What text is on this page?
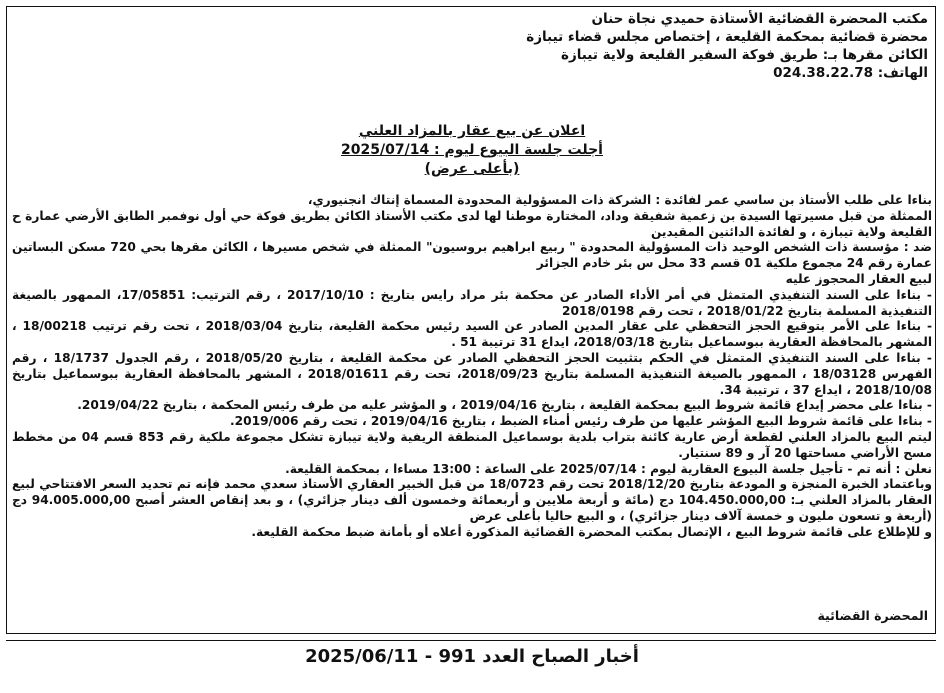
مكتب المحضرة القضائية الأستاذة حميدي نجاة حنان
محضرة قضائية بمحكمة القليعة ، إختصاص مجلس قضاء تيبازة
الكائن مقرها بـ: طريق فوكة السفير القليعة ولاية تيبازة
الهاتف: 024.38.22.78
اعلان عن بيع عقار بالمزاد العلني
أجلت جلسة البيوع ليوم : 2025/07/14
(بأعلى عرض)

بناءا على طلب الأستاذ بن ساسي عمر لفائدة : الشركة ذات المسؤولية المحدودة المسماة إنتاك انجنيوري،

الممثلة من قبل مسيرتها السيدة بن زعمية شفيقة وداد، المختارة موطنا لها لدى مكتب الأستاذ الكائن بطريق فوكة حي أول نوفمبر الطابق الأرضي عمارة ح القليعة ولاية تيبازة ، و لفائدة الدائنين المقيدين

ضد : مؤسسة ذات الشخص الوحيد ذات المسؤولية المحدودة " ربيع ابراهيم بروسيون" الممثلة في شخص مسيرها ، الكائن مقرها بحي 720 مسكن البساتين عمارة رقم 24 مجموع ملكية 01 قسم 33 محل س بئر خادم الجزائر

لبيع العقار المحجوز عليه

- بناءا على السند التنفيذي المتمثل في أمر الأداء الصادر عن محكمة بئر مراد رايس بتاريخ : 2017/10/10 ، رقم الترتيب: 17/05851، الممهور بالصيغة التنفيذية المسلمة بتاريخ 2018/01/22 ، تحت رقم 2018/0198

- بناءا على الأمر بتوقيع الحجز التحفظي على عقار المدين الصادر عن السيد رئيس محكمة القليعة، بتاريخ 2018/03/04 ، تحت رقم ترتيب 18/00218 ، المشهر بالمحافظة العقارية ببوسماعيل بتاريخ 2018/03/18، ايداع 31 ترتيبة 51 .

- بناءا على السند التنفيذي المتمثل في الحكم بتثبيت الحجز التحفظي الصادر عن محكمة القليعة ، بتاريخ 2018/05/20 ، رقم الجدول 18/1737 ، رقم الفهرس 18/03128 ، الممهور بالصيغة التنفيذية المسلمة بتاريخ 2018/09/23، تحت رقم 2018/01611 ، المشهر بالمحافظة العقارية ببوسماعيل بتاريخ 2018/10/08 ، ايداع 37 ، ترتيبة 34.

- بناءا على محضر إيداع قائمة شروط البيع بمحكمة القليعة ، بتاريخ 2019/04/16 ، و المؤشر عليه من طرف رئيس المحكمة ، بتاريخ 2019/04/22.

- بناءا على قائمة شروط البيع المؤشر عليها من طرف رئيس أمناء الضبط ، بتاريخ 2019/04/16 ، تحت رقم 2019/006.

ليتم البيع بالمزاد العلني لقطعة أرض عارية كائنة بتراب بلدية بوسماعيل المنطقة الريفية ولاية تيبازة تشكل مجموعة ملكية رقم 853 قسم 04 من مخطط مسح الأراضي مساحتها 20 آر و 89 سنتيار.

نعلن : أنه تم - تأجيل جلسة البيوع العقارية ليوم : 2025/07/14 على الساعة : 13:00 مساءا ، بمحكمة القليعة.

وباعتماد الخبرة المنجزة و المودعة بتاريخ 2018/12/20 تحت رقم 18/0723 من قبل الخبير العقاري الأستاذ سعدي محمد فإنه تم تحديد السعر الافتتاحي لبيع العقار بالمزاد العلني بـ: 104.450.000,00 دج (مائة و أربعة ملايين و أربعمائة وخمسون ألف دينار جزائري) ، و بعد إنقاص العشر أصبح 94.005.000,00 دج (أربعة و تسعون مليون و خمسة آلاف دينار جزائري) ، و البيع حاليا بأعلى عرض

و للإطلاع على قائمة شروط البيع ، الإتصال بمكتب المحضرة القضائية المذكورة أعلاه أو بأمانة ضبط محكمة القليعة.

المحضرة القضائية
أخبار الصباح العدد 991 - 2025/06/11
